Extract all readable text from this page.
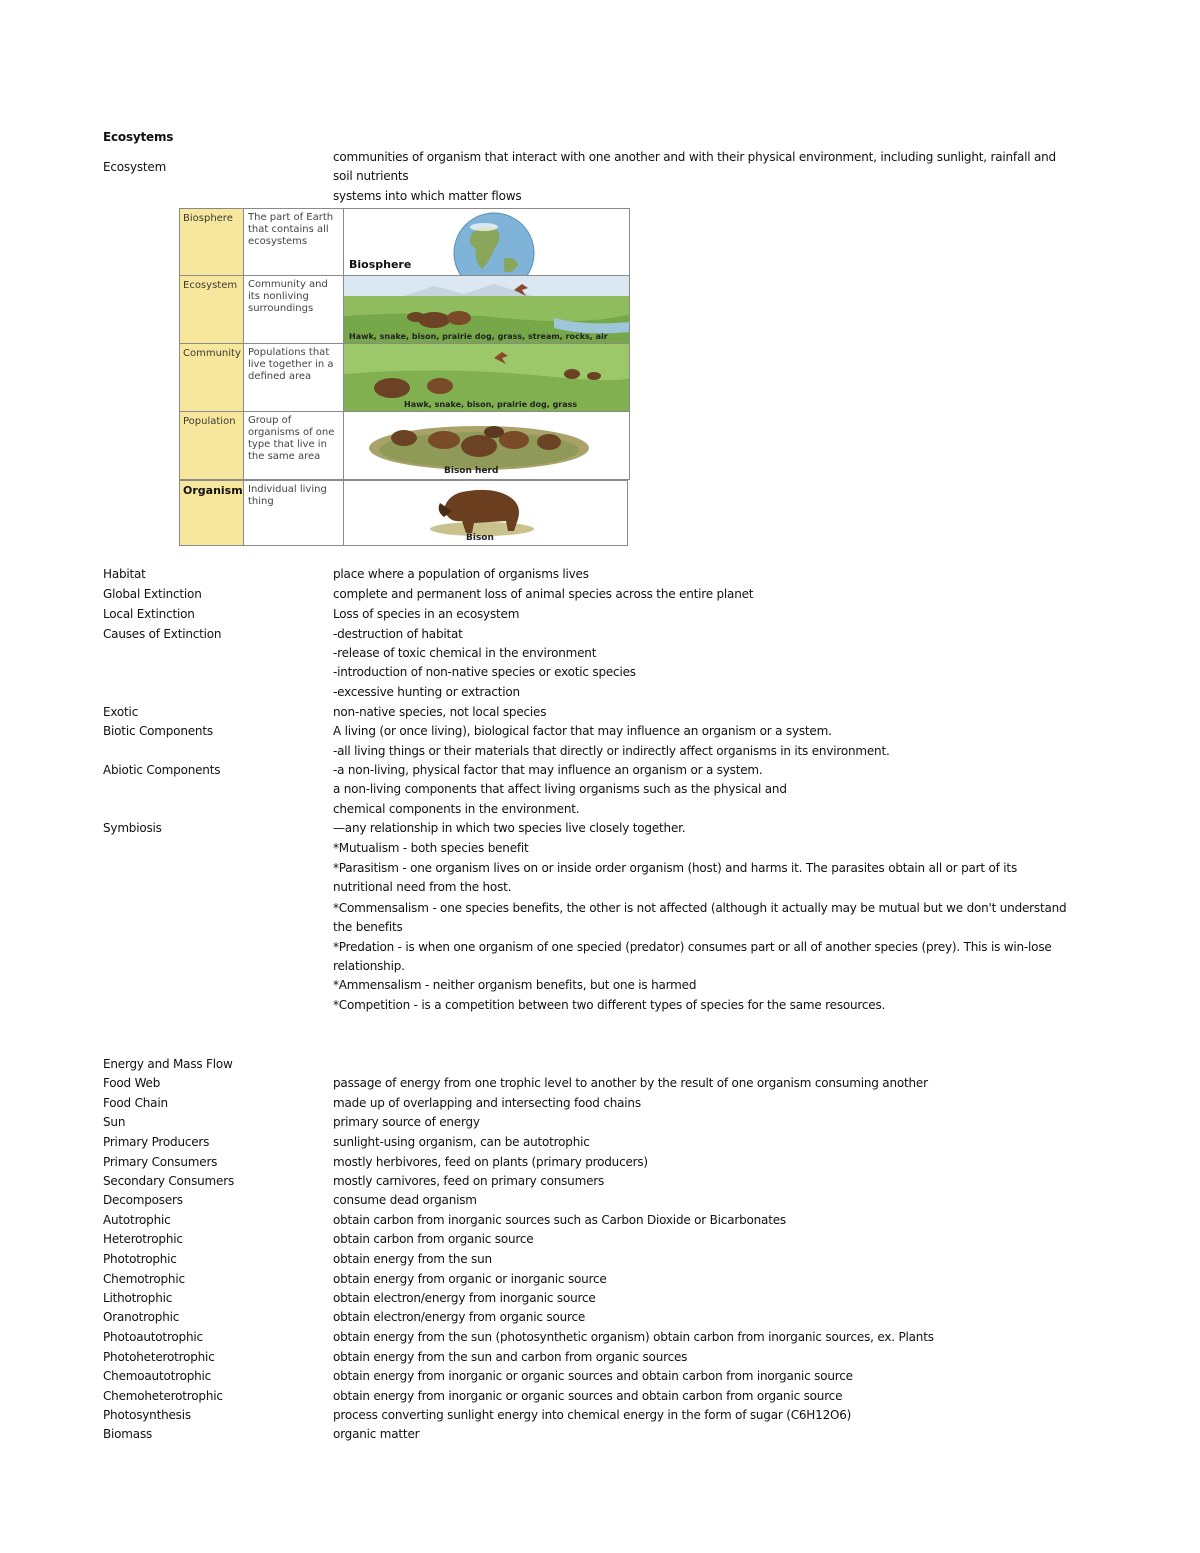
Ecosytems
Ecosystem
communities of organism that interact with one another and with their physical environment, including sunlight, rainfall and
soil nutrients
systems into which matter flows
Biosphere	The part of Earth that contains all ecosystems
Biosphere
Ecosystem	Community and its nonliving surroundings
Hawk, snake, bison, prairie dog, grass, stream, rocks, air
Community Populations that live together in a defined area
Hawk, snake, bison, prairie dog, grass
Population	Group of organisms of one type that live in the same area
Bison herd
Organism Individual living thing
Bison
Habitat	place where a population of organisms lives
Global Extinction	complete and permanent loss of animal species across the entire planet
Local Extinction	Loss of species in an ecosystem
Causes of Extinction	-destruction of habitat
-release of toxic chemical in the environment
-introduction of non-native species or exotic species
-excessive hunting or extraction
Exotic	non-native species, not local species
Biotic Components	A living (or once living), biological factor that may influence an organism or a system.
-all living things or their materials that directly or indirectly affect organisms in its environment.
Abiotic Components	-a non-living, physical factor that may influence an organism or a system.
a non-living components that affect living organisms such as the physical and
chemical components in the environment.
Symbiosis	—any relationship in which two species live closely together.
*Mutualism - both species benefit
*Parasitism - one organism lives on or inside order organism (host) and harms it. The parasites obtain all or part of its
nutritional need from the host.
*Commensalism - one species benefits, the other is not affected (although it actually may be mutual but we don't understand
the benefits
*Predation - is when one organism of one specied (predator) consumes part or all of another species (prey). This is win-lose
relationship.
*Ammensalism - neither organism benefits, but one is harmed
*Competition - is a competition between two different types of species for the same resources.
Energy and Mass Flow
Food Web	passage of energy from one trophic level to another by the result of one organism consuming another
Food Chain	made up of overlapping and intersecting food chains
Sun	primary source of energy
Primary Producers	sunlight-using organism, can be autotrophic
Primary Consumers	mostly herbivores, feed on plants (primary producers)
Secondary Consumers	mostly carnivores, feed on primary consumers
Decomposers	consume dead organism
Autotrophic	obtain carbon from inorganic sources such as Carbon Dioxide or Bicarbonates
Heterotrophic	obtain carbon from organic source
Phototrophic	obtain energy from the sun
Chemotrophic	obtain energy from organic or inorganic source
Lithotrophic	obtain electron/energy from inorganic source
Oranotrophic	obtain electron/energy from organic source
Photoautotrophic	obtain energy from the sun (photosynthetic organism) obtain carbon from inorganic sources, ex. Plants
Photoheterotrophic	obtain energy from the sun and carbon from organic sources
Chemoautotrophic	obtain energy from inorganic or organic sources and obtain carbon from inorganic source
Chemoheterotrophic	obtain energy from inorganic or organic sources and obtain carbon from organic source
Photosynthesis	process converting sunlight energy into chemical energy in the form of sugar (C6H12O6)
Biomass	organic matter
